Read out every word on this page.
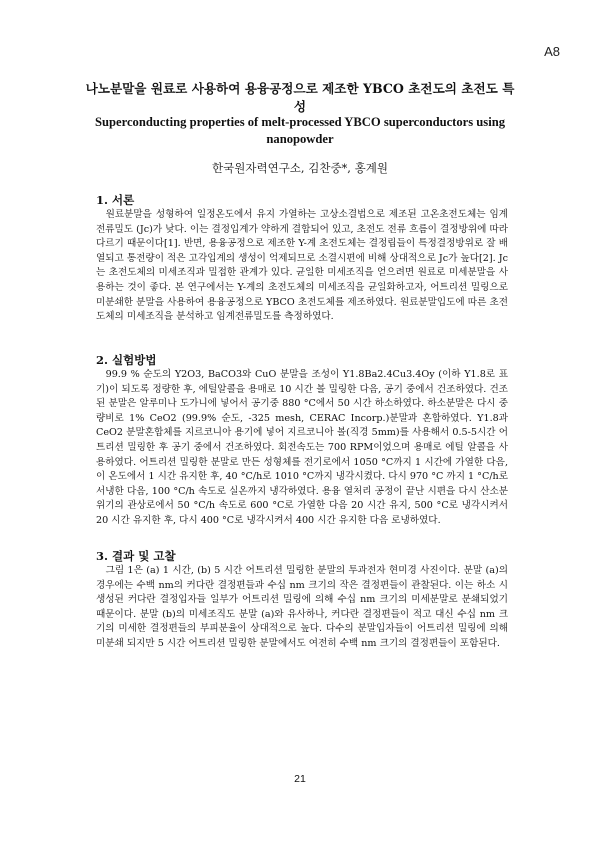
A8
나노분말을 원료로 사용하여 용융공정으로 제조한 YBCO 초전도의 초전도 특성
Superconducting properties of melt-processed YBCO superconductors using nanopowder
한국원자력연구소, 김찬중*, 홍계원
1. 서론

원료분말을 성형하여 일정온도에서 유지 가열하는 고상소결법으로 제조된 고온초전도체는 임계전류밀도 (Jc)가 낮다. 이는 결정입계가 약하게 결합되어 있고, 초전도 전류 흐름이 결정방위에 따라 다르기 때문이다[1]. 반면, 용융공정으로 제조한 Y-계 초전도체는 결정립들이 특정결정방위로 잘 배열되고 통전량이 적은 고각입계의 생성이 억제되므로 소결시편에 비해 상대적으로 Jc가 높다[2]. Jc는 초전도체의 미세조직과 밀접한 관계가 있다. 균일한 미세조직을 얻으려면 원료로 미세분말을 사용하는 것이 좋다. 본 연구에서는 Y-계의 초전도체의 미세조직을 균일화하고자, 어트리션 밀링으로 미분쇄한 분말을 사용하여 용융공정으로 YBCO 초전도체를 제조하였다. 원료분말입도에 따른 초전도체의 미세조직을 분석하고 임계전류밀도를 측정하였다.

2. 실험방법

99.9 % 순도의 Y2O3, BaCO3와 CuO 분말을 조성이 Y1.8Ba2.4Cu3.4Oy (이하 Y1.8로 표기)이 되도록 정량한 후, 에틸알콜을 용매로 10 시간 볼 밀링한 다음, 공기 중에서 건조하였다. 건조된 분말은 알루미나 도가니에 넣어서 공기중 880 °C에서 50 시간 하소하였다. 하소분말은 다시 중량비로 1% CeO2 (99.9% 순도, -325 mesh, CERAC Incorp.)분말과 혼합하였다. Y1.8과 CeO2 분말혼합체를 지르코니아 용기에 넣어 지르코니아 볼(직경 5mm)를 사용해서 0.5-5시간 어트리션 밀링한 후 공기 중에서 건조하였다. 회전속도는 700 RPM이었으며 용매로 에틸 알콜을 사용하였다. 어트리션 밀링한 분말로 만든 성형체를 전기로에서 1050 °C까지 1 시간에 가열한 다음, 이 온도에서 1 시간 유지한 후, 40 °C/h로 1010 °C까지 냉각시켰다. 다시 970 °C 까지 1 °C/h로 서냉한 다음, 100 °C/h 속도로 실온까지 냉각하였다. 용융 열처리 공정이 끝난 시편을 다시 산소분위기의 관상로에서 50 °C/h 속도로 600 °C로 가열한 다음 20 시간 유지, 500 °C로 냉각시켜서 20 시간 유지한 후, 다시 400 °C로 냉각시켜서 400 시간 유지한 다음 로냉하였다.

3. 결과 및 고찰

그림 1은 (a) 1 시간, (b) 5 시간 어트리션 밀링한 분말의 투과전자 현미경 사진이다. 분말 (a)의 경우에는 수백 nm의 커다란 결정편들과 수십 nm 크기의 작은 결정편들이 관찰된다. 이는 하소 시 생성된 커다란 결정입자들 일부가 어트리션 밀링에 의해 수십 nm 크기의 미세분말로 분쇄되었기 때문이다. 분말 (b)의 미세조직도 분말 (a)와 유사하나, 커다란 결정편들이 적고 대신 수십 nm 크기의 미세한 결정편들의 부피분율이 상대적으로 높다. 다수의 분말입자들이 어트리션 밀링에 의해 미분쇄 되지만 5 시간 어트리션 밀링한 분말에서도 여전히 수백 nm 크기의 결정편들이 포함된다.

21
